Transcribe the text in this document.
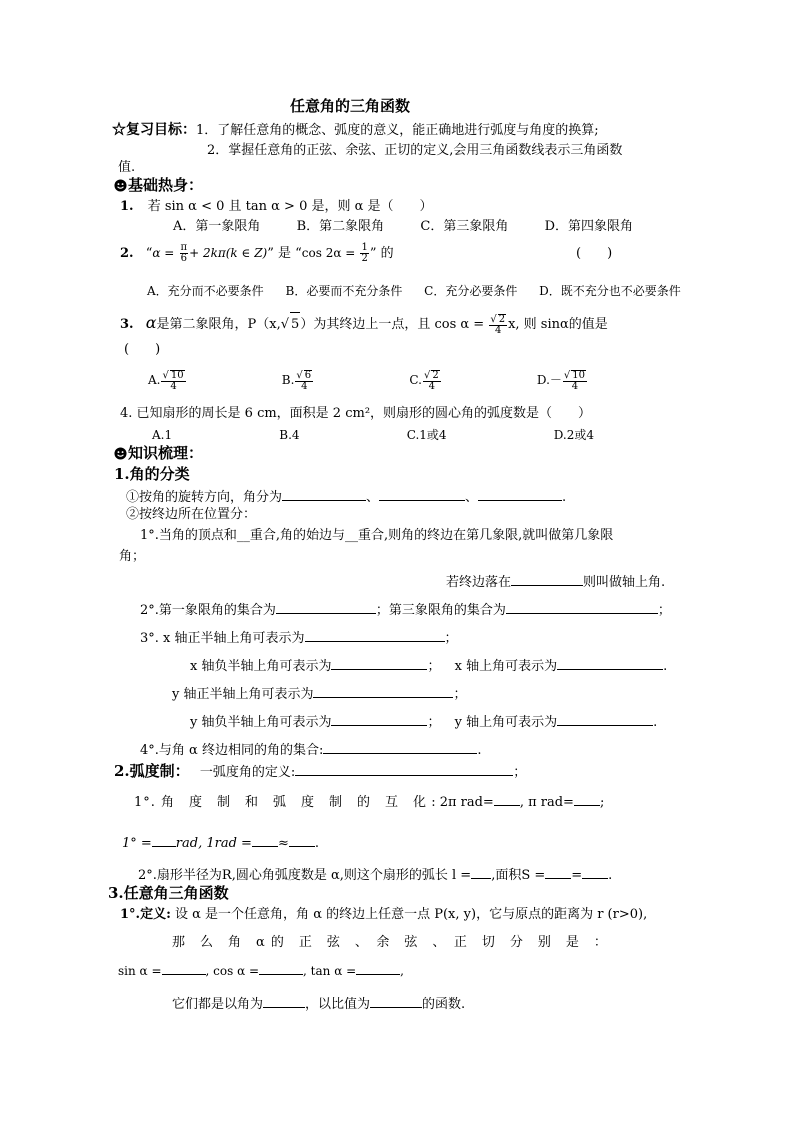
任意角的三角函数
☆复习目标：1．了解任意角的概念、弧度的意义，能正确地进行弧度与角度的换算;
2．掌握任意角的正弦、余弦、正切的定义,会用三角函数线表示三角函数
值.
基础热身：
1. 若 sin α < 0 且 tan α > 0 是，则 α 是（　　）
A．第一象限角	B．第二象限角	C．第三象限角	D．第四象限角
2. “$\alpha = \frac{\pi}{6} + 2k\pi(k$ ∈ Z)” 是 “cos $2\alpha = \frac{1}{2}$ ” 的	(　　)
A．充分而不必要条件 B．必要而不充分条件 C．充分必要条件 D．既不充分也不必要条件
3. α是第二象限角，P（x,√ 5）为其终边上一点，且 $\cos \alpha = \frac{√ 2}{4} x$, 则 sinα的值是
(　　)
A. $\frac{√ 10}{4}$	B. $\frac{√ 6}{4}$	C. $\frac{√ 2}{4}$	$D.- \frac{√ 10}{4}$
4. 已知扇形的周长是 6 cm，面积是 2 cm²，则扇形的圆心角的弧度数是（　　）
A.1	B.4	C.1或4	D.2或4
知识梳理：
1.角的分类
①按角的旋转方向，角分为	、	、	.
②按终边所在位置分：
1°.当角的顶点和__重合,角的始边与__重合,则角的终边在第几象限,就叫做第几象限
角；
若终边落在	则叫做轴上角.
2°.第一象限角的集合为	；第三象限角的集合为	；
3°. x 轴正半轴上角可表示为	；
x 轴负半轴上角可表示为	； x 轴上角可表示为	.
y 轴正半轴上角可表示为	；
y 轴负半轴上角可表示为	； y 轴上角可表示为	.
4°.与角 α 终边相同的角的集合:	.
2.弧度制： 一弧度角的定义:	；
1°. 角　度　制　和　弧　度　制　的　互　化 : 2π rad= , π rad= ;
1° = rad, 1rad = ≈ .
2°.扇形半径为R,圆心角弧度数是 α,则这个扇形的弧长 l = ,面积S = = .
3.任意角三角函数
1°.定义: 设 α 是一个任意角，角 α 的终边上任意一点 P(x, y)，它与原点的距离为 r (r>0),
那　么　角　α 的　正　弦　、　余　弦　、　正　切　分　别　是　：
sin α =	, cos α =	, tan α =	,
它们都是以角为	，以比值为	的函数.
